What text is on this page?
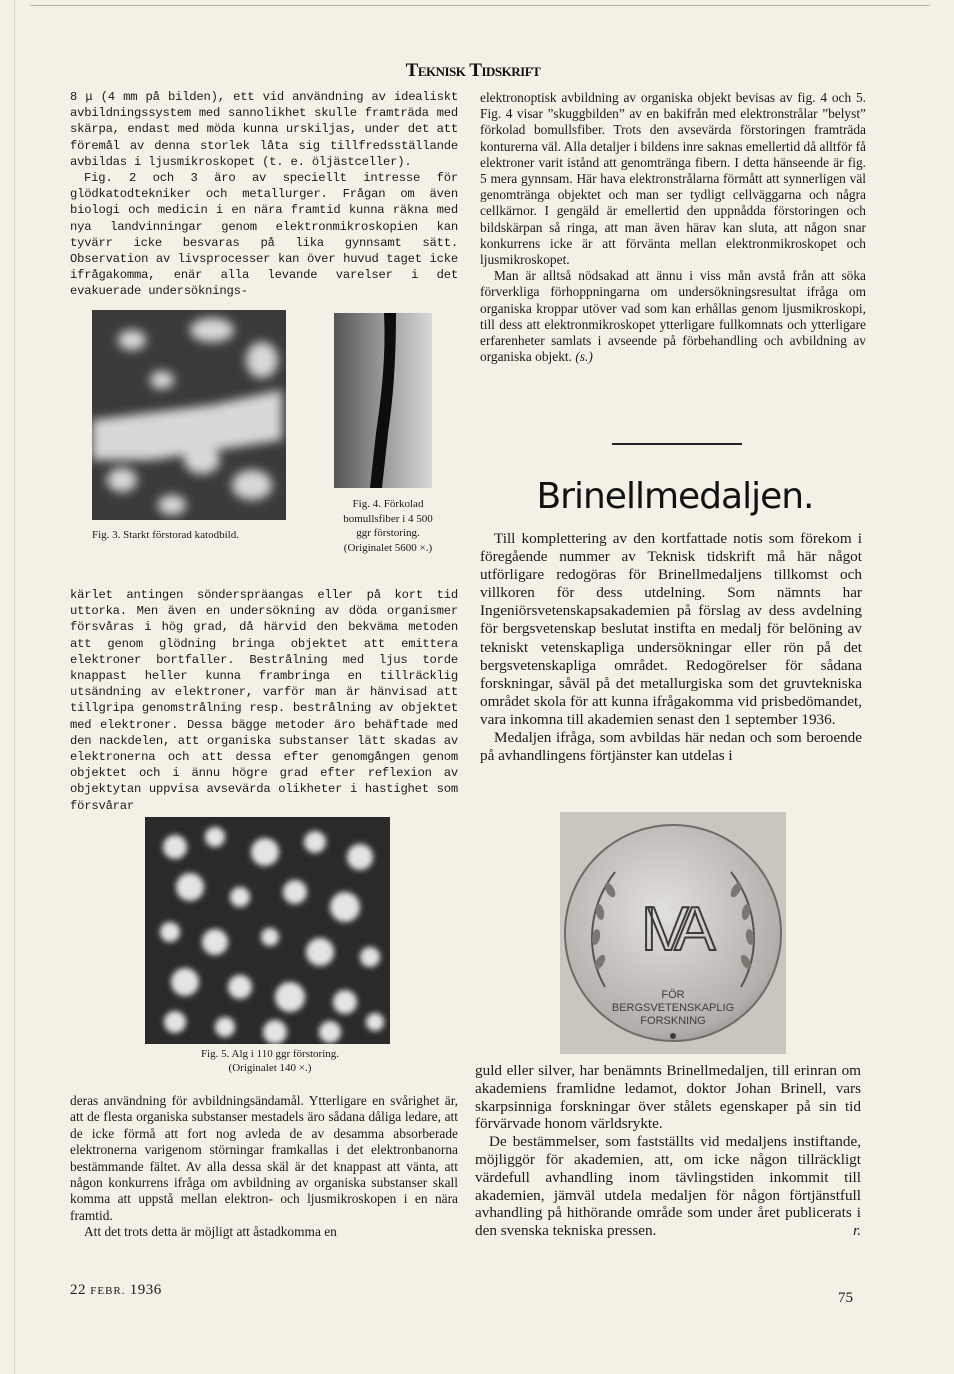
Teknisk Tidskrift

8 μ (4 mm på bilden), ett vid användning av idealiskt avbildningssystem med sannolikhet skulle framträda med skärpa, endast med möda kunna urskiljas, under det att föremål av denna storlek låta sig tillfredsställande avbildas i ljusmikroskopet (t. e. öljästceller).

Fig. 2 och 3 äro av speciellt intresse för glödkatodtekniker och metallurger. Frågan om även biologi och medicin i en nära framtid kunna räkna med nya landvinningar genom elektronmikroskopien kan tyvärr icke besvaras på lika gynnsamt sätt. Observation av livsprocesser kan över huvud taget icke ifrågakomma, enär alla levande varelser i det evakuerade undersöknings-

Fig. 3. Starkt förstorad katodbild.
Fig. 4. Förkolad
bomullsfiber i 4 500
ggr förstoring.
(Originalet 5600 ×.)

kärlet antingen sönderspräangas eller på kort tid uttorka. Men även en undersökning av döda organismer försvåras i hög grad, då härvid den bekväma metoden att genom glödning bringa objektet att emittera elektroner bortfaller. Bestrålning med ljus torde knappast heller kunna frambringa en tillräcklig utsändning av elektroner, varför man är hänvisad att tillgripa genomstrålning resp. bestrålning av objektet med elektroner. Dessa bägge metoder äro behäftade med den nackdelen, att organiska substanser lätt skadas av elektronerna och att dessa efter genomgången genom objektet och i ännu högre grad efter reflexion av objektytan uppvisa avsevärda olikheter i hastighet som försvårar

Fig. 5. Alg i 110 ggr förstoring.
(Originalet 140 ×.)

deras användning för avbildningsändamål. Ytterligare en svårighet är, att de flesta organiska substanser mestadels äro sådana dåliga ledare, att de icke förmå att fort nog avleda de av desamma absorberade elektronerna varigenom störningar framkallas i det elektronbanorna bestämmande fältet. Av alla dessa skäl är det knappast att vänta, att någon konkurrens ifråga om avbildning av organiska substanser skall komma att uppstå mellan elektron- och ljusmikroskopen i en nära framtid.

Att det trots detta är möjligt att åstadkomma en

elektronoptisk avbildning av organiska objekt bevisas av fig. 4 och 5. Fig. 4 visar ”skuggbilden” av en bakifrån med elektronstrålar ”belyst” förkolad bomullsfiber. Trots den avsevärda förstoringen framträda konturerna väl. Alla detaljer i bildens inre saknas emellertid då alltför få elektroner varit istånd att genomtränga fibern. I detta hänseende är fig. 5 mera gynnsam. Här hava elektronstrålarna förmått att synnerligen väl genomtränga objektet och man ser tydligt cellväggarna och några cellkärnor. I gengäld är emellertid den uppnådda förstoringen och bildskärpan så ringa, att man även härav kan sluta, att någon snar konkurrens icke är att förvänta mellan elektronmikroskopet och ljusmikroskopet.

Man är alltså nödsakad att ännu i viss mån avstå från att söka förverkliga förhoppningarna om undersökningsresultat ifråga om organiska kroppar utöver vad som kan erhållas genom ljusmikroskopi, till dess att elektronmikroskopet ytterligare fullkomnats och ytterligare erfarenheter samlats i avseende på förbehandling och avbildning av organiska objekt. (s.)

Brinellmedaljen.

Till komplettering av den kortfattade notis som förekom i föregående nummer av Teknisk tidskrift må här något utförligare redogöras för Brinellmedaljens tillkomst och villkoren för dess utdelning. Som nämnts har Ingeniörsvetenskapsakademien på förslag av dess avdelning för bergsvetenskap beslutat instifta en medalj för belöning av tekniskt vetenskapliga undersökningar eller rön på det bergsvetenskapliga området. Redogörelser för sådana forskningar, såväl på det metallurgiska som det gruvtekniska området skola för att kunna ifrågakomma vid prisbedömandet, vara inkomna till akademien senast den 1 september 1936.

Medaljen ifråga, som avbildas här nedan och som beroende på avhandlingens förtjänster kan utdelas i

IVA
FÖR
BERGSVETENSKAPLIG
FORSKNING

guld eller silver, har benämnts Brinellmedaljen, till erinran om akademiens framlidne ledamot, doktor Johan Brinell, vars skarpsinniga forskningar över stålets egenskaper på sin tid förvärvade honom världsrykte.

De bestämmelser, som fastställts vid medaljens instiftande, möjliggör för akademien, att, om icke någon tillräckligt värdefull avhandling inom tävlingstiden inkommit till akademien, jämväl utdela medaljen för någon förtjänstfull avhandling på hithörande område som under året publicerats i den svenska tekniska pressen.	r.

22 FEBR. 1936	75
